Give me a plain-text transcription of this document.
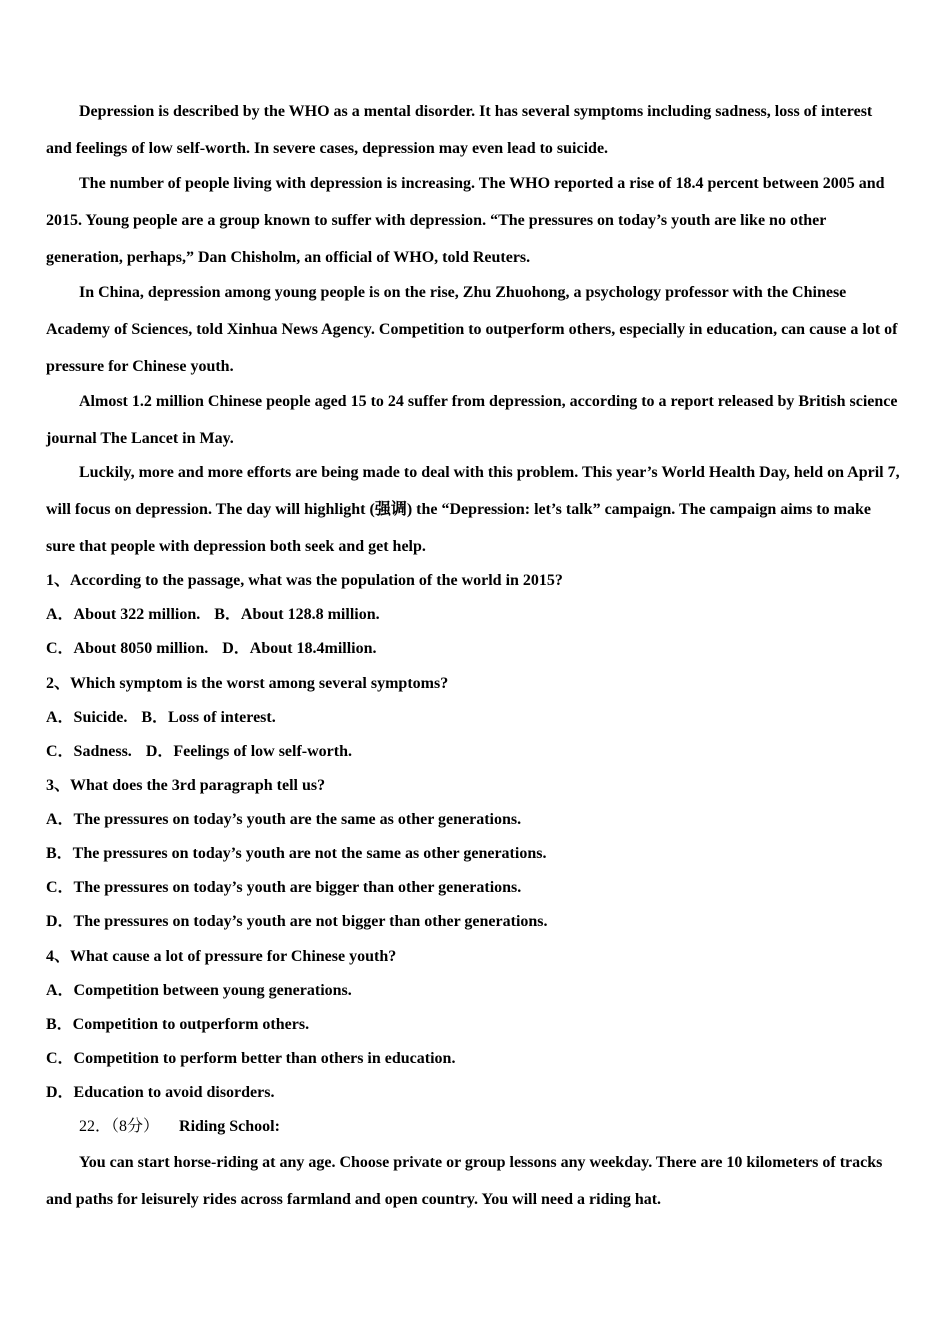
Depression is described by the WHO as a mental disorder. It has several symptoms including sadness, loss of interest and feelings of low self-worth. In severe cases, depression may even lead to suicide.

The number of people living with depression is increasing. The WHO reported a rise of 18.4 percent between 2005 and 2015. Young people are a group known to suffer with depression. “The pressures on today’s youth are like no other generation, perhaps,” Dan Chisholm, an official of WHO, told Reuters.

In China, depression among young people is on the rise, Zhu Zhuohong, a psychology professor with the Chinese Academy of Sciences, told Xinhua News Agency. Competition to outperform others, especially in education, can cause a lot of pressure for Chinese youth.

Almost 1.2 million Chinese people aged 15 to 24 suffer from depression, according to a report released by British science journal The Lancet in May.

Luckily, more and more efforts are being made to deal with this problem. This year’s World Health Day, held on April 7, will focus on depression. The day will highlight (强调) the “Depression: let’s talk” campaign. The campaign aims to make sure that people with depression both seek and get help.

1、According to the passage, what was the population of the world in 2015?
A．About 322 million. B．About 128.8 million.
C．About 8050 million. D．About 18.4million.
2、Which symptom is the worst among several symptoms?
A．Suicide. B．Loss of interest.
C．Sadness. D．Feelings of low self-worth.
3、What does the 3rd paragraph tell us?
A．The pressures on today’s youth are the same as other generations.
B．The pressures on today’s youth are not the same as other generations.
C．The pressures on today’s youth are bigger than other generations.
D．The pressures on today’s youth are not bigger than other generations.
4、What cause a lot of pressure for Chinese youth?
A．Competition between young generations.
B．Competition to outperform others.
C．Competition to perform better than others in education.
D．Education to avoid disorders.
22．（8分） Riding School:

You can start horse-riding at any age. Choose private or group lessons any weekday. There are 10 kilometers of tracks and paths for leisurely rides across farmland and open country. You will need a riding hat.
